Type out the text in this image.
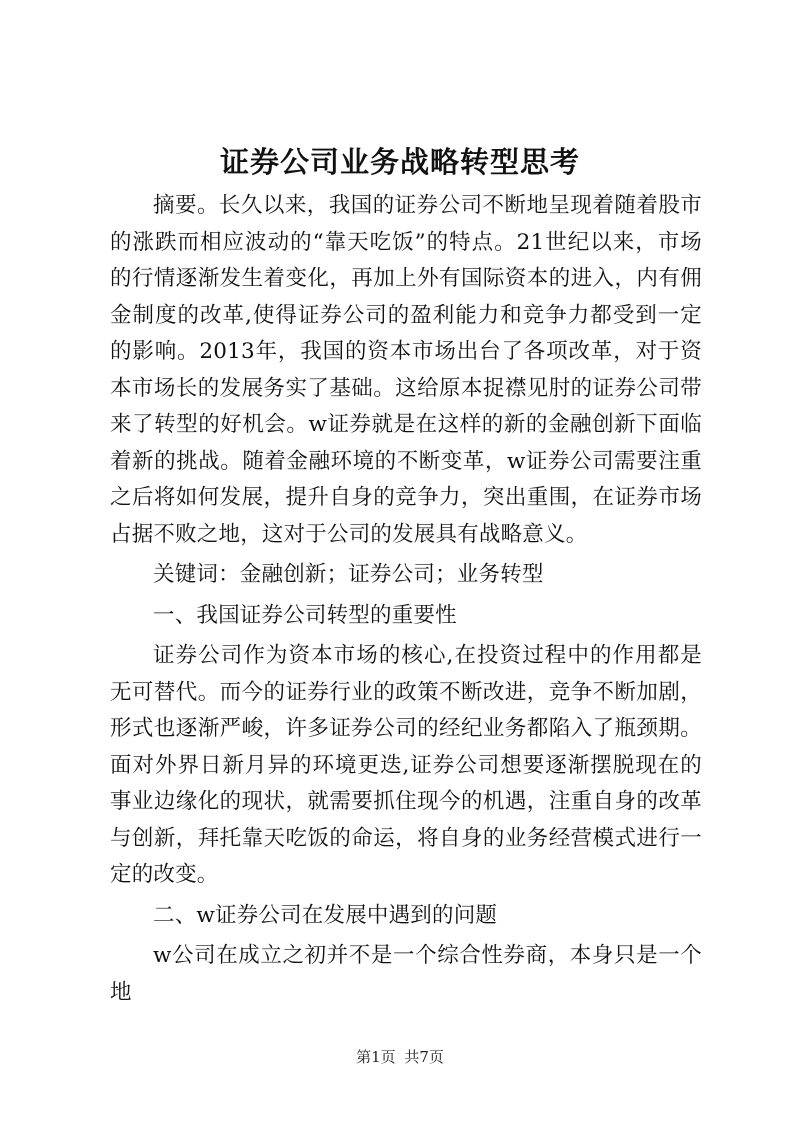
证券公司业务战略转型思考

摘要。长久以来，我国的证券公司不断地呈现着随着股市的涨跌而相应波动的“靠天吃饭”的特点。21世纪以来，市场的行情逐渐发生着变化，再加上外有国际资本的进入，内有佣金制度的改革,使得证券公司的盈利能力和竞争力都受到一定的影响。2013年，我国的资本市场出台了各项改革，对于资本市场长的发展务实了基础。这给原本捉襟见肘的证券公司带来了转型的好机会。w证券就是在这样的新的金融创新下面临着新的挑战。随着金融环境的不断变革，w证券公司需要注重之后将如何发展，提升自身的竞争力，突出重围，在证券市场占据不败之地，这对于公司的发展具有战略意义。

关键词：金融创新；证券公司；业务转型

一、我国证券公司转型的重要性

证券公司作为资本市场的核心,在投资过程中的作用都是无可替代。而今的证券行业的政策不断改进，竞争不断加剧，形式也逐渐严峻，许多证券公司的经纪业务都陷入了瓶颈期。面对外界日新月异的环境更迭,证券公司想要逐渐摆脱现在的事业边缘化的现状，就需要抓住现今的机遇，注重自身的改革与创新，拜托靠天吃饭的命运，将自身的业务经营模式进行一定的改变。

二、w证券公司在发展中遇到的问题

w公司在成立之初并不是一个综合性券商，本身只是一个地

第1页 共7页
